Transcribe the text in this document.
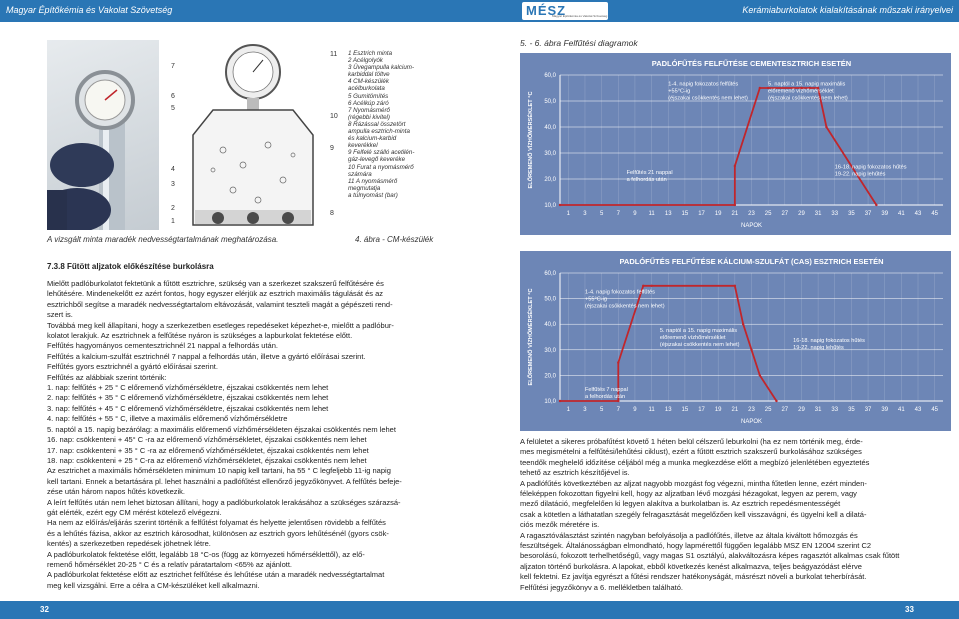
Magyar Építőkémia és Vakolat Szövetség	Kerámiaburkolatok kialakításának műszaki irányelvei
MÉSZ
Magyar Építőkémia és Vakolat Szövetség
7
6
5
4
3
2
1
11
10
9
8
1 Esztrich minta
2 Acélgolyók
3 Üvegampulla kalcium-
karbiddal töltve
4 CM-készülék
acélburkolata
5 Gumitömítés
6 Acélkúp záró
7 Nyomásmérő
(régebbi kivitel)
8 Rázással összetört
ampulla esztrich-minta
és kalcium-karbid
keverékkel
9 Felfelé szálló acetilén-
gáz-levegő keveréke
10 Furat a nyomásmérő
számára
11 A nyomásmérő
megmutatja
a túlnyomást (bar)
A vizsgált minta maradék nedvességtartalmának meghatározása.	4. ábra - CM-készülék
5. - 6. ábra Felfűtési diagramok
PADLÓFŰTÉS FELFŰTÉSE CEMENTESZTRICH ESETÉN
ELŐREMENŐ VÍZHŐMÉRSÉKLET °C
60,0
50,0
40,0
30,0
20,0
10,0
1 3 5 7 9 11 13 15 17 19 21 23 25 27 29 31 33 35 37 39 41 43 45
NAPOK
Felfűtés 21 nappal a felhordás után
1-4. napig fokozatos felfűtés +55°C-ig (éjszakai csökkentés nem lehet)
5. naptól a 15. napig maximális előremenő vízhőmérséklet (éjszakai csökkentés nem lehet)
16-18. napig fokozatos hűtés 19-22. napig lehűtés
PADLÓFŰTÉS FELFŰTÉSE KÁLCIUM-SZULFÁT (CAS) ESZTRICH ESETÉN
ELŐREMENŐ VÍZHŐMÉRSÉKLET °C
60,0
50,0
40,0
30,0
20,0
10,0
1 3 5 7 9 11 13 15 17 19 21 23 25 27 29 31 33 35 37 39 41 43 45
NAPOK
Felfűtés 7 nappal a felhordás után
1-4. napig fokozatos felfűtés +55°C-ig (éjszakai csökkentés nem lehet)
5. naptól a 15. napig maximális előremenő vízhőmérséklet (éjszakai csökkentés nem lehet)
16-18. napig fokozatos hűtés 19-22. napig lehűtés
7.3.8 Fűtött aljzatok előkészítése burkolásra

Mielőtt padlóburkolatot fektetünk a fűtött esztrichre, szükség van a szerkezet szakszerű felfűtésére és

lehűtésére. Mindenekelőtt ez azért fontos, hogy egyszer elérjük az esztrich maximális tágulását és az

esztrichből segítse a maradék nedvességtartalom eltávozását, valamint teszteli magát a gépészeti rend-

szert is.

Továbbá meg kell állapítani, hogy a szerkezetben esetleges repedéseket képezhet-e, mielőtt a padlóbur-

kolatot lerakjuk. Az esztrichnek a felfűtése nyáron is szükséges a lapburkolat fektetése előtt.

Felfűtés hagyományos cementesztrichnél 21 nappal a felhordás után.

Felfűtés a kalcium-szulfát esztrichnél 7 nappal a felhordás után, illetve a gyártó előírásai szerint.

Felfűtés gyors esztrichnél a gyártó előírásai szerint.

Felfűtés az alábbiak szerint történik:

1. nap: felfűtés + 25 ° C előremenő vízhőmérsékletre, éjszakai csökkentés nem lehet

2. nap: felfűtés + 35 ° C előremenő vízhőmérsékletre, éjszakai csökkentés nem lehet

3. nap: felfűtés + 45 ° C előremenő vízhőmérsékletre, éjszakai csökkentés nem lehet

4. nap: felfűtés + 55 ° C, illetve a maximális előremenő vízhőmérsékletre

5. naptól a 15. napig bezárólag: a maximális előremenő vízhőmérsékleten éjszakai csökkentés nem lehet

16. nap: csökkenteni + 45° C -ra az előremenő vízhőmérsékletet, éjszakai csökkentés nem lehet

17. nap: csökkenteni + 35 ° C -ra az előremenő vízhőmérsékletet, éjszakai csökkentés nem lehet

18. nap: csökkenteni + 25 ° C-ra az előremenő vízhőmérsékletet, éjszakai csökkentés nem lehet

Az esztrichet a maximális hőmérsékleten minimum 10 napig kell tartani, ha 55 ° C legfeljebb 11-ig napig

kell tartani. Ennek a betartására pl. lehet használni a padlófűtést ellenőrző jegyzőkönyvet. A felfűtés befeje-

zése után három napos hűtés következik.

A leírt felfűtés után nem lehet biztosan állítani, hogy a padlóburkolatok lerakásához a szükséges szárazsá-

gát elérték, ezért egy CM mérést kötelező elvégezni.

Ha nem az előírás/eljárás szerint történik a felfűtést folyamat és helyette jelentősen rövidebb a felfűtés

és a lehűtés fázisa, akkor az esztrich károsodhat, különösen az esztrich gyors lehűtésénél (gyors csök-

kentés) a szerkezetben repedések jöhetnek létre.

A padlóburkolatok fektetése előtt, legalább 18 °C-os (függ az környezeti hőmérséklettől), az elő-

remenő hőmérséklet 20-25 ° C és a relatív páratartalom <65% az ajánlott.

A padlóburkolat fektetése előtt az esztrichet felfűtése és lehűtése után a maradék nedvességtartalmat

meg kell vizsgálni. Erre a célra a CM-készüléket kell alkalmazni.

A felületet a sikeres próbafűtést követő 1 héten belül célszerű leburkolni (ha ez nem történik meg, érde-

mes megismételni a felfűtési/lehűtési ciklust), ezért a fűtött esztrich szakszerű burkolásához szükséges

teendők meghelelő időzítése céljából még a munka megkezdése előtt a megbízó jelenlétében egyeztetés

tehető az esztrich készítőjével is.

A padlófűtés következtében az aljzat nagyobb mozgást fog végezni, mintha fűtetlen lenne, ezért minden-

féleképpen fokozottan figyelni kell, hogy az aljzatban lévő mozgási hézagokat, legyen az perem, vagy

mező dilatáció, megfelelően ki legyen alakítva a burkolatban is. Az esztrich repedésmentességét

csak a kötetlen a láthatatlan szegély felragasztását megelőzően kell visszavágni, és ügyelni kell a dilatá-

ciós mezők méretére is.

A ragasztóválasztást szintén nagyban befolyásolja a padlófűtés, illetve az általa kiváltott hőmozgás és

feszültségek. Általánosságban elmondható, hogy lapmérettől függően legalább MSZ EN 12004 szerint C2

besorolású, fokozott terhelhetőségű, vagy magas S1 osztályú, alakváltozásra képes ragasztót alkalmas csak fűtött

aljzaton történő burkolásra. A lapokat, ebből következés kenést alkalmazva, teljes beágyazódást elérve

kell fektetni. Ez javítja egyrészt a fűtési rendszer hatékonyságát, másrészt növeli a burkolat teherbírását.

Felfűtési jegyzőkönyv a 6. mellékletben található.

32	33
